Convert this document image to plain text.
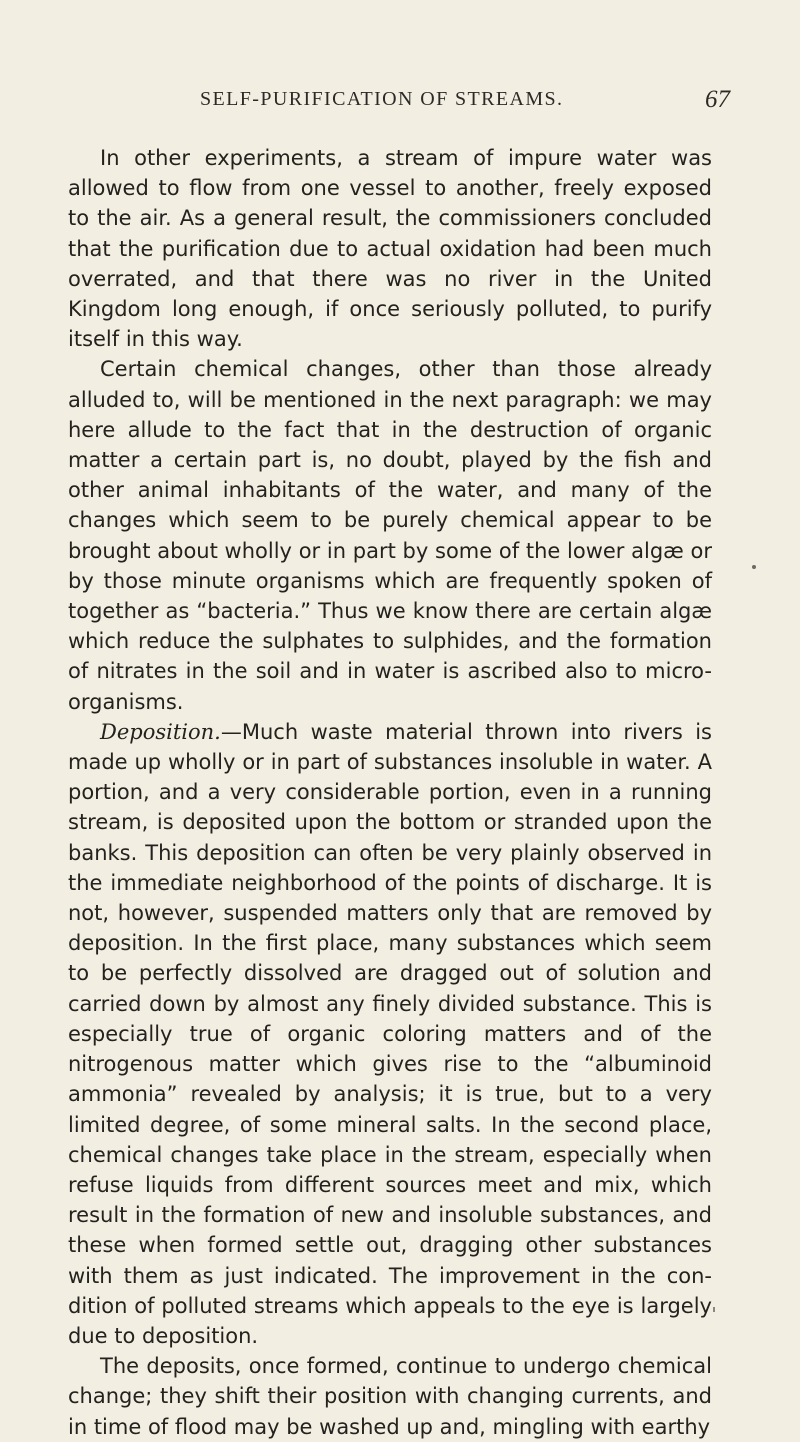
SELF-PURIFICATION OF STREAMS.	67

In other experiments, a stream of impure water was allowed to flow from one vessel to another, freely exposed to the air. As a general result, the commissioners concluded that the purification due to actual oxidation had been much overrated, and that there was no river in the United Kingdom long enough, if once seriously polluted, to purify itself in this way.

Certain chemical changes, other than those already alluded to, will be mentioned in the next paragraph: we may here allude to the fact that in the destruction of organic matter a certain part is, no doubt, played by the fish and other animal inhabitants of the water, and many of the changes which seem to be purely chemical appear to be brought about wholly or in part by some of the lower algæ or by those minute organisms which are frequently spoken of together as “bacteria.” Thus we know there are certain algæ which reduce the sulphates to sulphides, and the formation of nitrates in the soil and in water is ascribed also to micro-organisms.

Deposition.—Much waste material thrown into rivers is made up wholly or in part of substances insoluble in water. A portion, and a very considerable portion, even in a running stream, is deposited upon the bottom or stranded upon the banks. This deposition can often be very plainly observed in the immediate neighborhood of the points of discharge. It is not, however, suspended matters only that are removed by deposition. In the first place, many substances which seem to be perfectly dissolved are dragged out of solution and carried down by almost any finely divided substance. This is especially true of organic coloring matters and of the nitrogenous matter which gives rise to the “albuminoid ammonia” revealed by analysis; it is true, but to a very limited degree, of some mineral salts. In the second place, chemical changes take place in the stream, especially when refuse liquids from different sources meet and mix, which result in the formation of new and insoluble substances, and these when formed settle out, dragging other substances with them as just indicated. The improvement in the condition of polluted streams which appeals to the eye is largely due to deposition.

The deposits, once formed, continue to undergo chemical change; they shift their position with changing currents, and in time of flood may be washed up and, mingling with earthy
